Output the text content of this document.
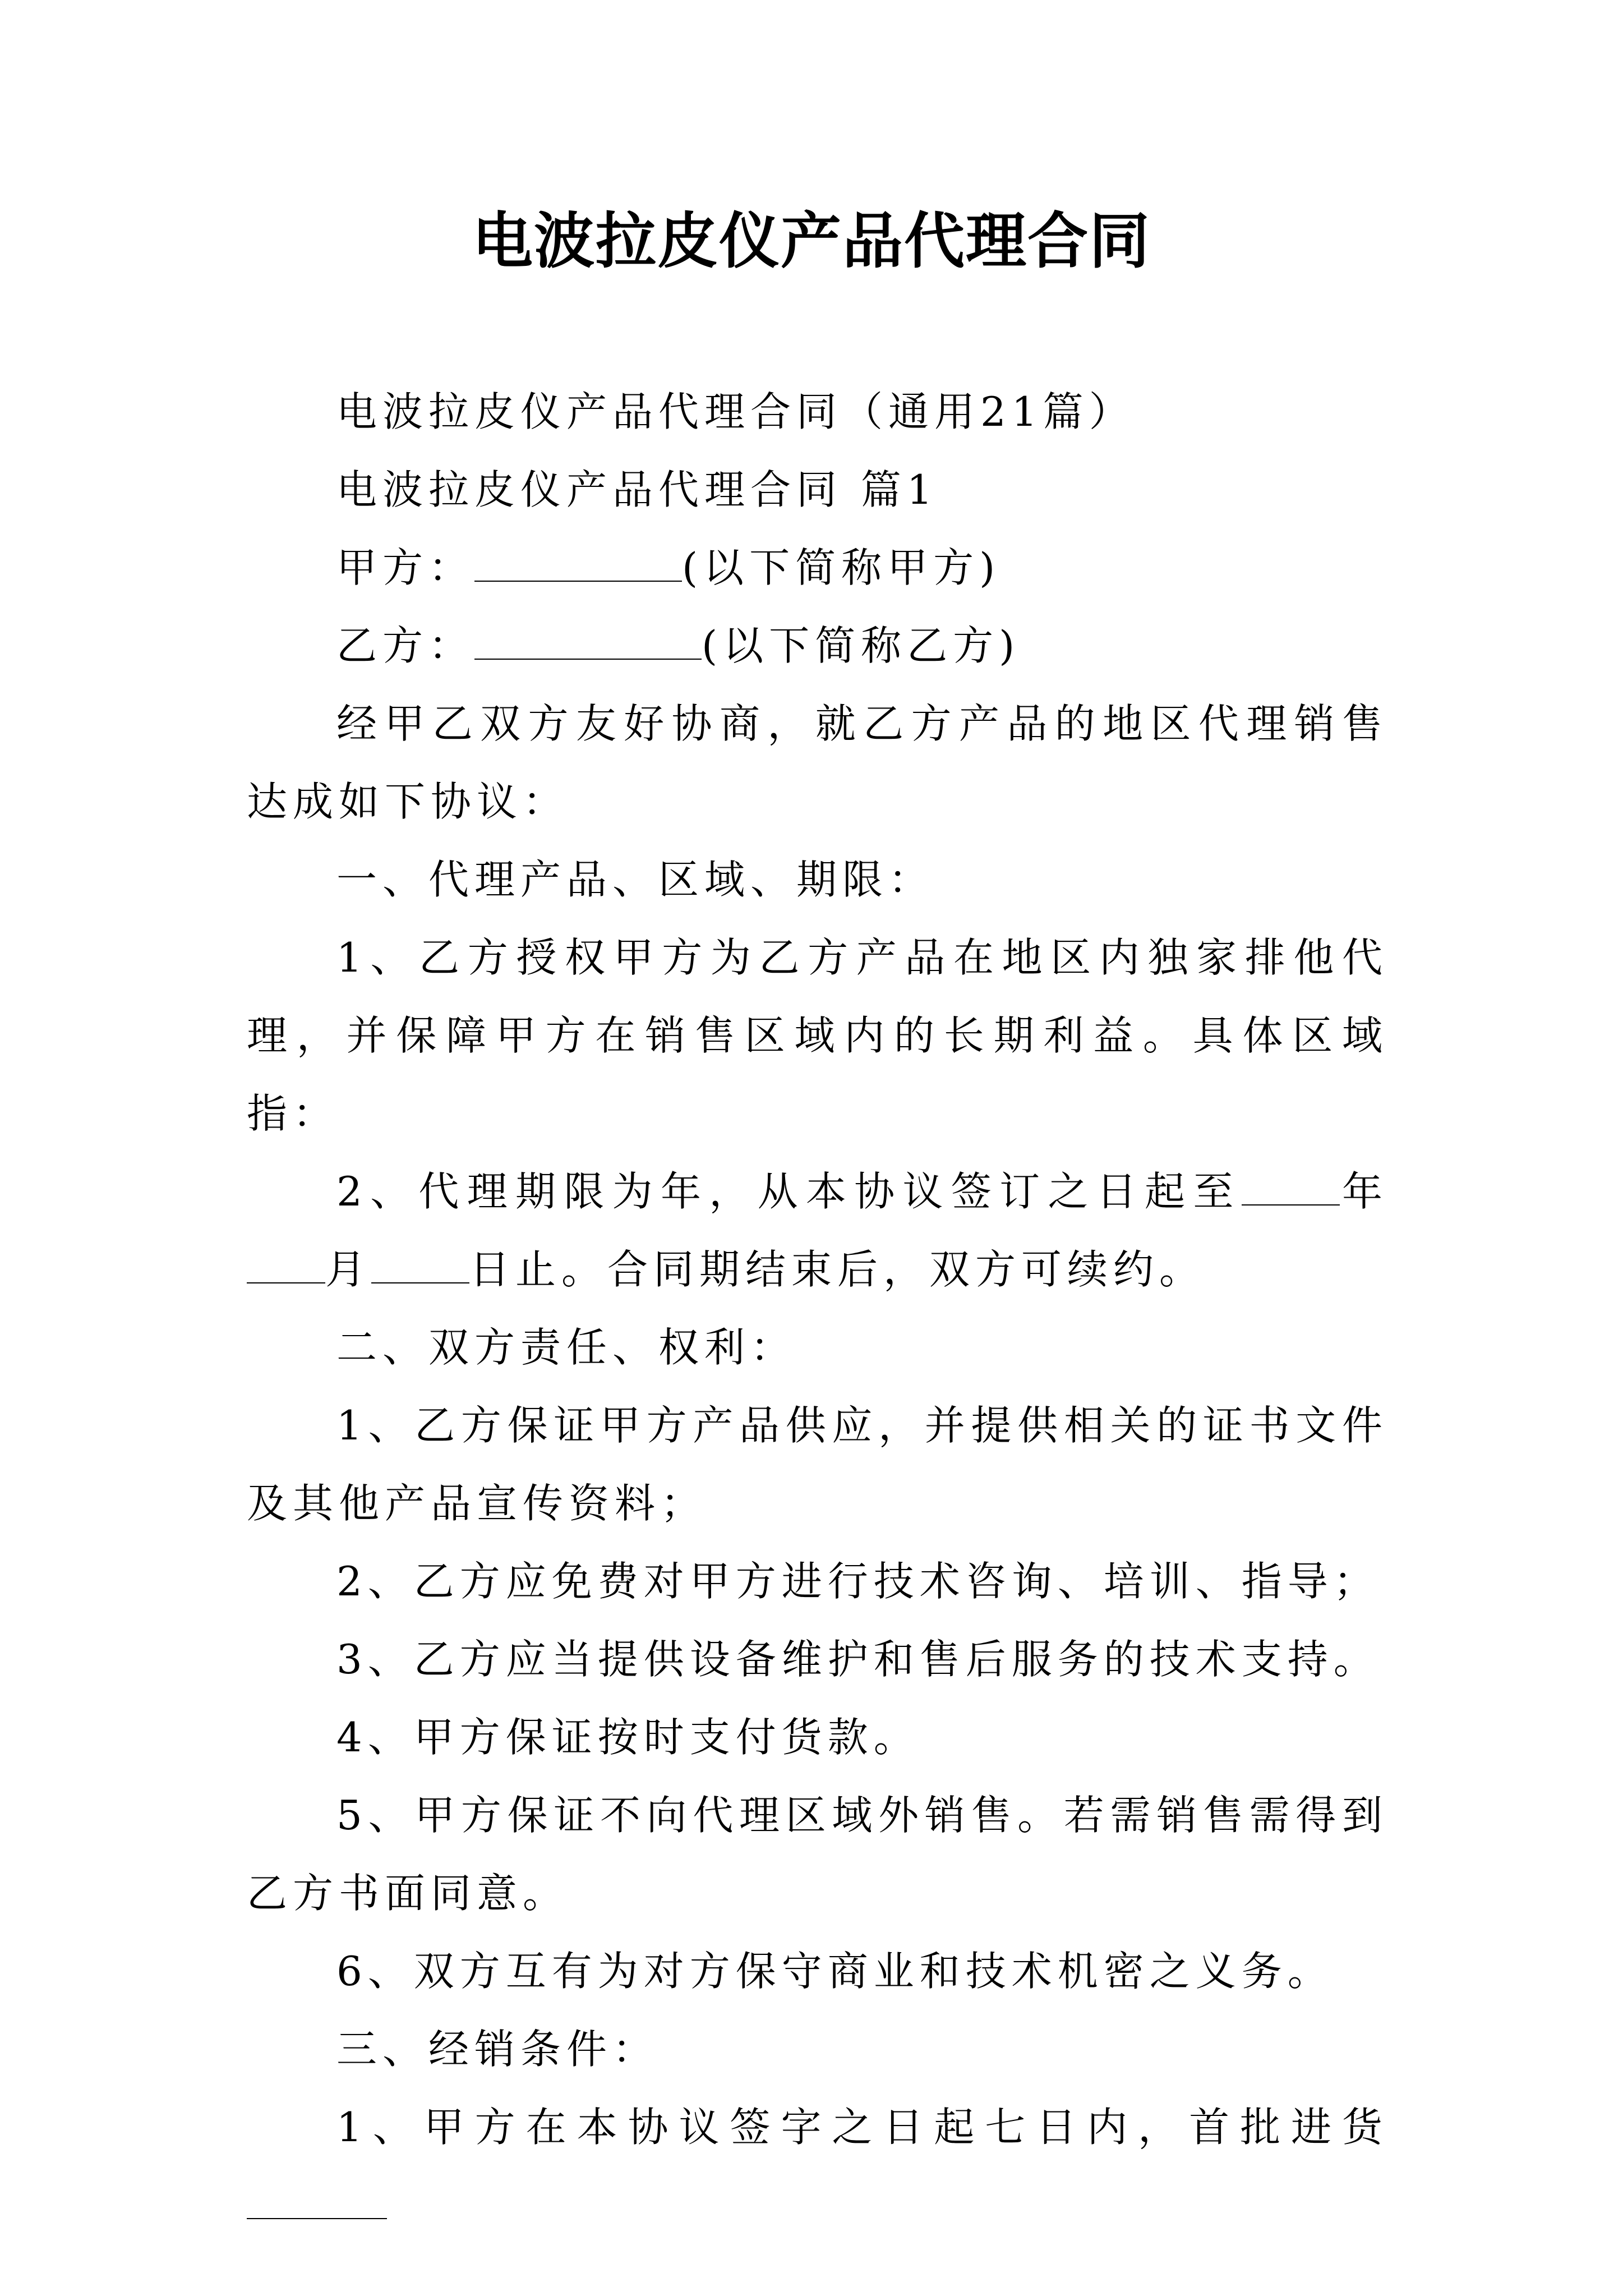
电波拉皮仪产品代理合同

电波拉皮仪产品代理合同（通用21篇）

电波拉皮仪产品代理合同 篇1

甲方：	(以下简称甲方)

乙方：	(以下简称乙方)

经甲乙双方友好协商，就乙方产品的地区代理销售达成如下协议：

一、代理产品、区域、期限：

1、乙方授权甲方为乙方产品在地区内独家排他代理，并保障甲方在销售区域内的长期利益。具体区域指：

2、代理期限为年，从本协议签订之日起至 年月 日止。合同期结束后，双方可续约。

二、双方责任、权利：

1、乙方保证甲方产品供应，并提供相关的证书文件及其他产品宣传资料；

2、乙方应免费对甲方进行技术咨询、培训、指导；

3、乙方应当提供设备维护和售后服务的技术支持。

4、甲方保证按时支付货款。

5、甲方保证不向代理区域外销售。若需销售需得到乙方书面同意。

6、双方互有为对方保守商业和技术机密之义务。

三、经销条件：

1、甲方在本协议签字之日起七日内，首批进货
